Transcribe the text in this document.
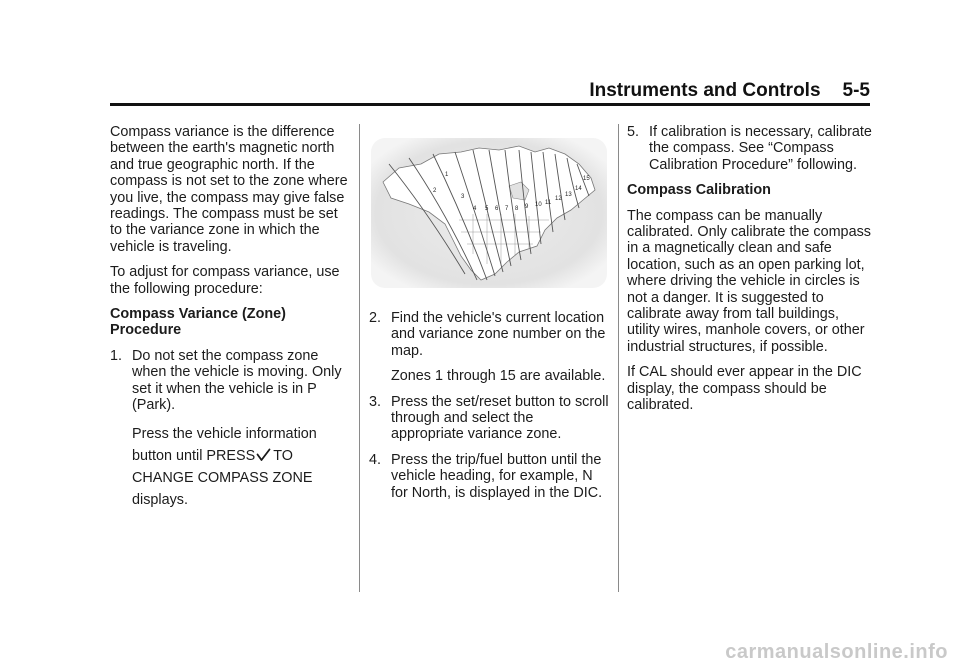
Instruments and Controls 5-5

Compass variance is the difference between the earth's magnetic north and true geographic north. If the compass is not set to the zone where you live, the compass may give false readings. The compass must be set to the variance zone in which the vehicle is traveling.

To adjust for compass variance, use the following procedure:

Compass Variance (Zone) Procedure

1. Do not set the compass zone when the vehicle is moving. Only set it when the vehicle is in P (Park).

Press the vehicle information button until PRESS TO CHANGE COMPASS ZONE displays.

1
2
3
4 5 6 7 8 9 10 11
12
13
14
15
2. Find the vehicle's current location and variance zone number on the map.

Zones 1 through 15 are available.

3. Press the set/reset button to scroll through and select the appropriate variance zone.

4. Press the trip/fuel button until the vehicle heading, for example, N for North, is displayed in the DIC.

5. If calibration is necessary, calibrate the compass. See “Compass Calibration Procedure” following.

Compass Calibration

The compass can be manually calibrated. Only calibrate the compass in a magnetically clean and safe location, such as an open parking lot, where driving the vehicle in circles is not a danger. It is suggested to calibrate away from tall buildings, utility wires, manhole covers, or other industrial structures, if possible.

If CAL should ever appear in the DIC display, the compass should be calibrated.

carmanualsonline.info
